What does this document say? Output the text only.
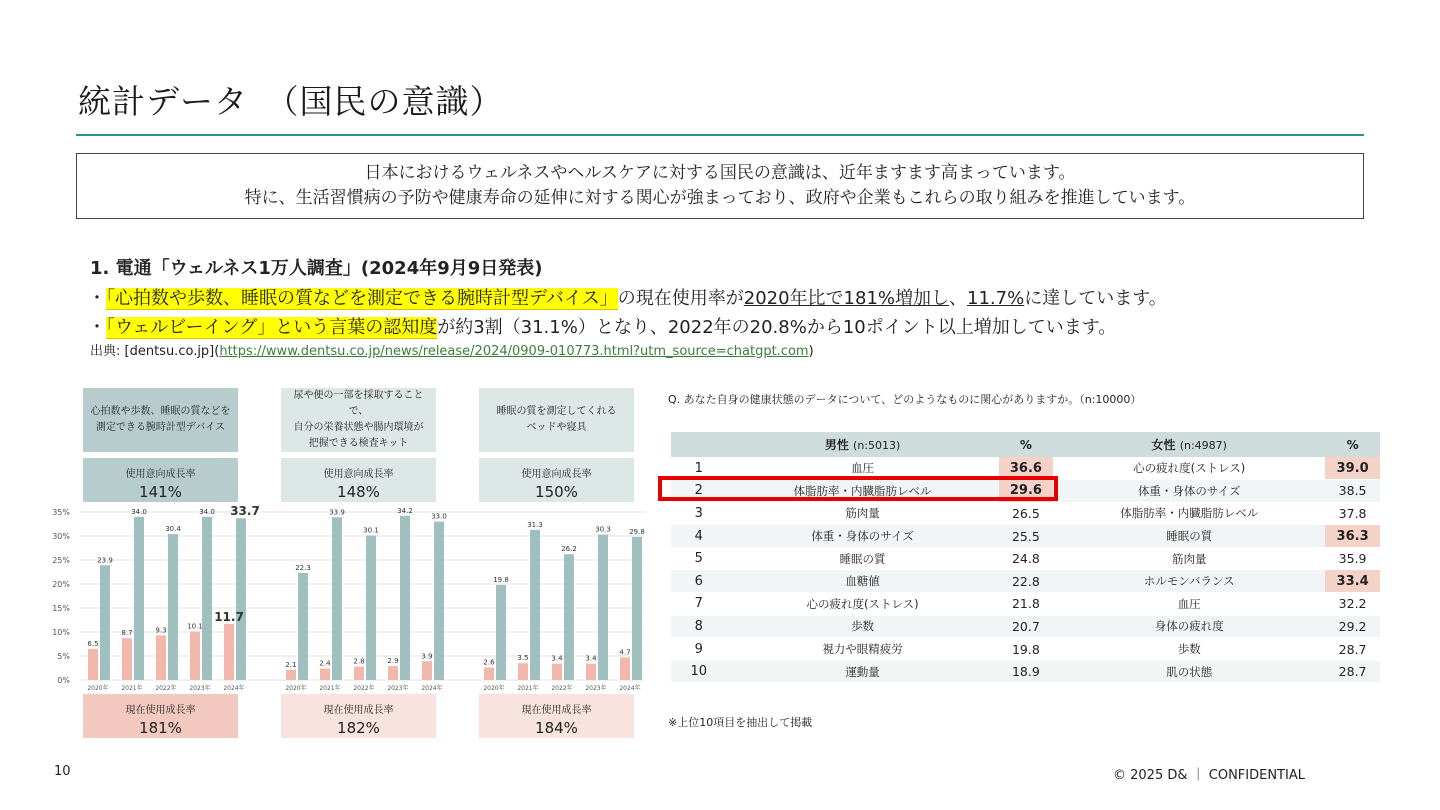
統計データ　（国民の意識）
日本におけるウェルネスやヘルスケアに対する国民の意識は、近年ますます高まっています。
特に、生活習慣病の予防や健康寿命の延伸に対する関心が強まっており、政府や企業もこれらの取り組みを推進しています。
1. 電通「ウェルネス1万人調査」(2024年9月9日発表)
・「心拍数や歩数、睡眠の質などを測定できる腕時計型デバイス」の現在使用率が2020年比で181%増加し、11.7%に達しています。
・「ウェルビーイング」という言葉の認知度が約3割（31.1%）となり、2022年の20.8%から10ポイント以上増加しています。
出典: [dentsu.co.jp](https://www.dentsu.co.jp/news/release/2024/0909-010773.html?utm_source=chatgpt.com)
心拍数や歩数、睡眠の質などを
測定できる腕時計型デバイス
使用意向成長率
141%
尿や便の一部を採取することで、
自分の栄養状態や腸内環境が
把握できる検査キット
使用意向成長率
148%
睡眠の質を測定してくれる
ベッドや寝具
使用意向成長率
150%
0%
5%
10%
15%
20%
25%
30%
35%
6.5
23.9
2020年
8.7
34.0
2021年
9.3
30.4
2022年
10.1
34.0
2023年
11.7
33.7
2024年
2.1
22.3
2020年
2.4
33.9
2021年
2.8
30.1
2022年
2.9
34.2
2023年
3.9
33.0
2024年
2.6
19.8
2020年
3.5
31.3
2021年
3.4
26.2
2022年
3.4
30.3
2023年
4.7
29.8
2024年
現在使用成長率
181%
現在使用成長率
182%
現在使用成長率
184%
Q. あなた自身の健康状態のデータについて、どのようなものに関心がありますか。（n:10000）
	男性 (n:5013)	%	女性 (n:4987)	%
1	血圧	36.6	心の疲れ度(ストレス)	39.0
2	体脂肪率・内臓脂肪レベル	29.6	体重・身体のサイズ	38.5
3	筋肉量	26.5	体脂肪率・内臓脂肪レベル	37.8
4	体重・身体のサイズ	25.5	睡眠の質	36.3
5	睡眠の質	24.8	筋肉量	35.9
6	血糖値	22.8	ホルモンバランス	33.4
7	心の疲れ度(ストレス)	21.8	血圧	32.2
8	歩数	20.7	身体の疲れ度	29.2
9	視力や眼精疲労	19.8	歩数	28.7
10	運動量	18.9	肌の状態	28.7
※上位10項目を抽出して掲載
10	© 2025 D& ｜ CONFIDENTIAL
